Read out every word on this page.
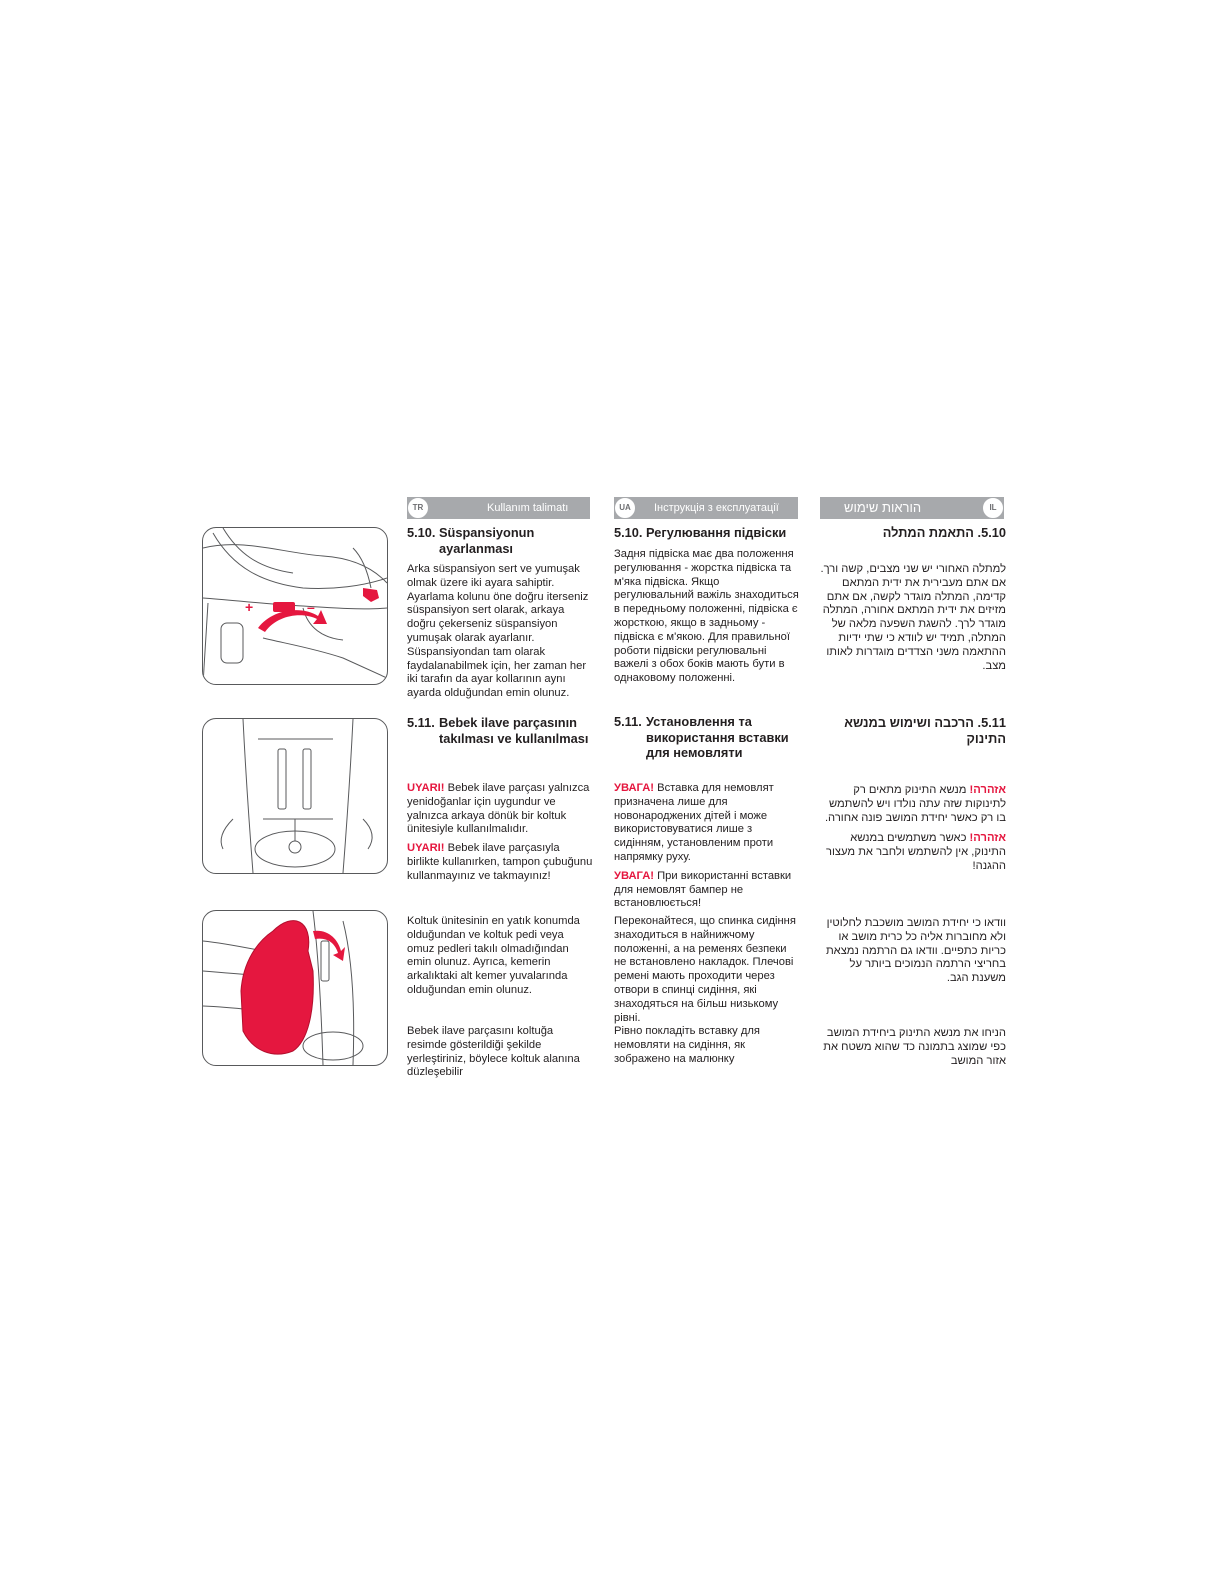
+	–
TR	Kullanım talimatı	UA	Інструкція з експлуатації	IL
הוראות שימוש
5.10. Süspansiyonun ayarlanması

Arka süspansiyon sert ve yumuşak olmak üzere iki ayara sahiptir. Ayarlama kolunu öne doğru iterseniz süspansiyon sert olarak, arkaya doğru çekerseniz süspansiyon yumuşak olarak ayarlanır. Süspansiyondan tam olarak faydalanabilmek için, her zaman her iki tarafın da ayar kollarının aynı ayarda olduğundan emin olunuz.

5.11. Bebek ilave parçasının takılması ve kullanılması

UYARI! Bebek ilave parçası yalnızca yenidoğanlar için uygundur ve yalnızca arkaya dönük bir koltuk ünitesiyle kullanılmalıdır.

UYARI! Bebek ilave parçasıyla birlikte kullanırken, tampon çubuğunu kullanmayınız ve takmayınız!

Koltuk ünitesinin en yatık konumda olduğundan ve koltuk pedi veya omuz pedleri takılı olmadığından emin olunuz. Ayrıca, kemerin arkalıktaki alt kemer yuvalarında olduğundan emin olunuz.

Bebek ilave parçasını koltuğa resimde gösterildiği şekilde yerleştiriniz, böylece koltuk alanına düzleşebilir

5.10. Регулювання підвіски

Задня підвіска має два положення регулювання - жорстка підвіска та м'яка підвіска. Якщо регулювальний важіль знаходиться в передньому положенні, підвіска є жорсткою, якщо в задньому - підвіска є м'якою. Для правильної роботи підвіски регулювальні важелі з обох боків мають бути в однаковому положенні.

5.11. Установлення та використання вставки для немовляти

УВАГА! Вставка для немовлят призначена лише для новонароджених дітей і може використовуватися лише з сидінням, установленим проти напрямку руху.

УВАГА! При використанні вставки для немовлят бампер не встановлюється!

Переконайтеся, що спинка сидіння знаходиться в найнижчому положенні, а на ременях безпеки не встановлено накладок. Плечові ремені мають проходити через отвори в спинці сидіння, які знаходяться на більш низькому рівні.

Рівно покладіть вставку для немовляти на сидіння, як зображено на малюнку

5.10. התאמת המתלה

למתלה האחורי יש שני מצבים, קשה ורך. אם אתם מעבירית את ידית המתאם קדימה, המתלה מוגדר לקשה, אם אתם מזיזים את ידית המתאם אחורה, המתלה מוגדר לרך. להשגת השפעה מלאה של המתלה, תמיד יש לוודא כי שתי ידיות ההתאמה משני הצדדים מוגדרות לאותו מצב.

5.11. הרכבה ושימוש במנשא התינוק

אזהרה! מנשא התינוק מתאים רק לתינוקות שזה עתה נולדו ויש להשתמש בו רק כאשר יחידת המושב פונה אחורה.

אזהרה! כאשר משתמשים במנשא התינוק, אין להשתמש ולחבר את מעצור ההגנה!

וודאו כי יחידת המושב מושכבת לחלוטין ולא מחוברות אליה כל כרית מושב או כריות כתפיים. וודאו גם הרתמה נמצאת בחריצי הרתמה הנמוכים ביותר על משענת הגב.

הניחו את מנשא התינוק ביחידת המושב כפי שמוצג בתמונה כד שהוא משטח את אזור המושב
